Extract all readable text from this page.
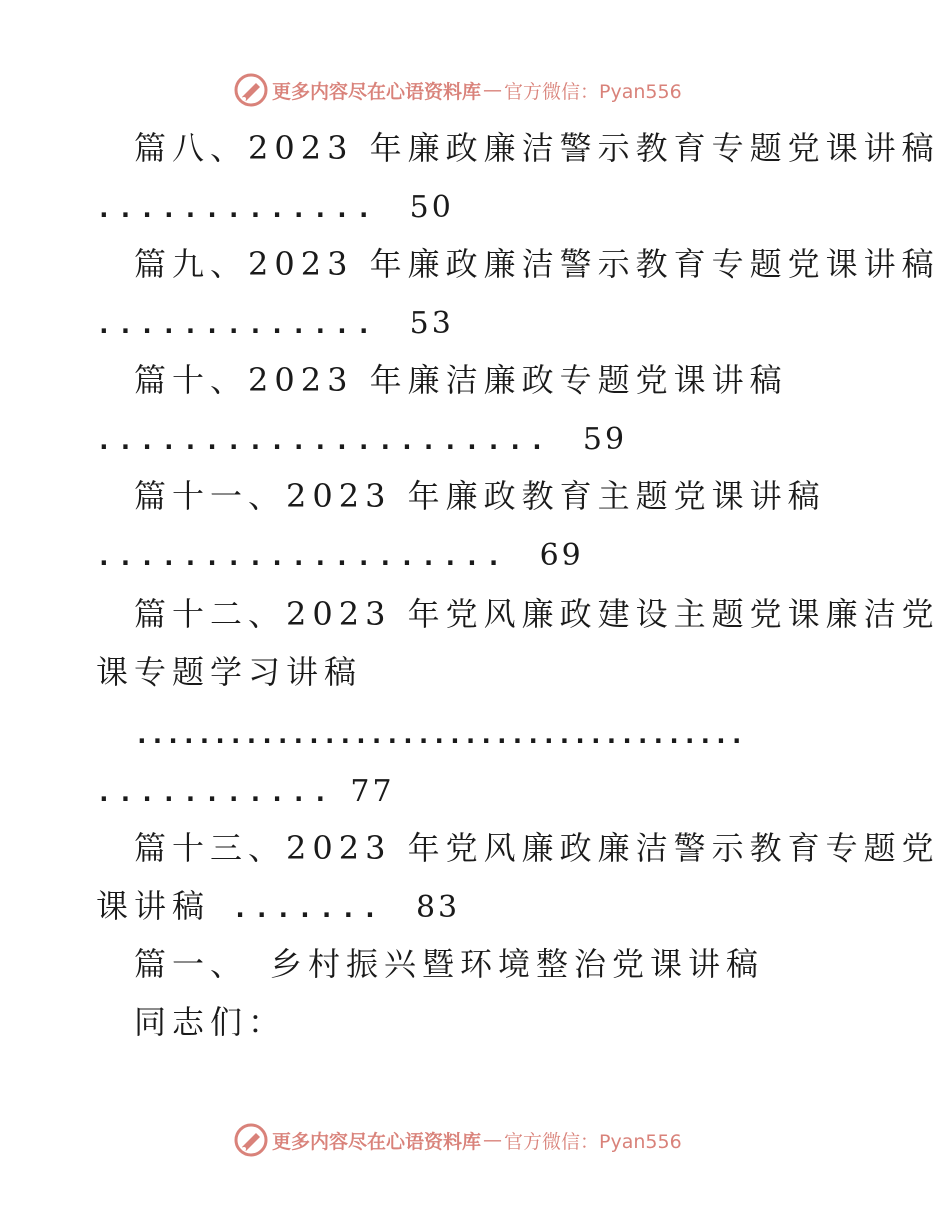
更多内容尽在心语资料库 — 官方微信：Pyan556
篇八、2023 年廉政廉洁警示教育专题党课讲稿
............. 50
篇九、2023 年廉政廉洁警示教育专题党课讲稿
............. 53
篇十、2023 年廉洁廉政专题党课讲稿
..................... 59
篇十一、2023 年廉政教育主题党课讲稿
................... 69
篇十二、2023 年党风廉政建设主题党课廉洁党
课专题学习讲稿
.......................................
........... 77
篇十三、2023 年党风廉政廉洁警示教育专题党
课讲稿 ....... 83
篇一、　乡村振兴暨环境整治党课讲稿
同志们：
更多内容尽在心语资料库 — 官方微信：Pyan556
